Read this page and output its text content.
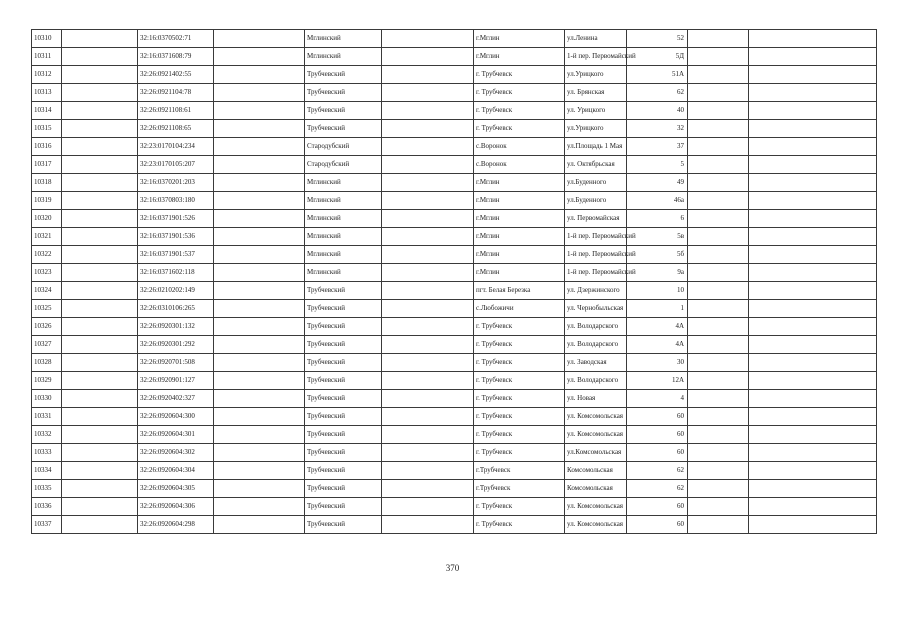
10310		32:16:0370502:71		Мглинский		г.Мглин	ул.Ленина	52		
10311		32:16:0371608:79		Мглинский		г.Мглин	1-й пер. Первомайский	5Д		
10312		32:26:0921402:55		Трубчевский		г. Трубчевск	ул.Урицкого	51А		
10313		32:26:0921104:78		Трубчевский		г. Трубчевск	ул. Брянская	62		
10314		32:26:0921108:61		Трубчевский		г. Трубчевск	ул. Урицкого	40		
10315		32:26:0921108:65		Трубчевский		г. Трубчевск	ул.Урицкого	32		
10316		32:23:0170104:234		Стародубский		с.Воронок	ул.Площадь 1 Мая	37		
10317		32:23:0170105:207		Стародубский		с.Воронок	ул. Октябрьская	5		
10318		32:16:0370201:203		Мглинский		г.Мглин	ул.Буденного	49		
10319		32:16:0370803:180		Мглинский		г.Мглин	ул.Буденного	46а		
10320		32:16:0371901:526		Мглинский		г.Мглин	ул. Первомайская	6		
10321		32:16:0371901:536		Мглинский		г.Мглин	1-й пер. Первомайский	5в		
10322		32:16:0371901:537		Мглинский		г.Мглин	1-й пер. Первомайский	5б		
10323		32:16:0371602:118		Мглинский		г.Мглин	1-й пер. Первомайский	9а		
10324		32:26:0210202:149		Трубчевский		пгт. Белая Березка	ул. Дзержинского	10		
10325		32:26:0310106:265		Трубчевский		с.Любожичи	ул. Чернобыльская	1		
10326		32:26:0920301:132		Трубчевский		г. Трубчевск	ул. Володарского	4А		
10327		32:26:0920301:292		Трубчевский		г. Трубчевск	ул. Володарского	4А		
10328		32:26:0920701:508		Трубчевский		г. Трубчевск	ул. Заводская	30		
10329		32:26:0920901:127		Трубчевский		г. Трубчевск	ул. Володарского	12А		
10330		32:26:0920402:327		Трубчевский		г. Трубчевск	ул. Новая	4		
10331		32:26:0920604:300		Трубчевский		г. Трубчевск	ул. Комсомольская	60		
10332		32:26:0920604:301		Трубчевский		г. Трубчевск	ул. Комсомольская	60		
10333		32:26:0920604:302		Трубчевский		г. Трубчевск	ул.Комсомольская	60		
10334		32:26:0920604:304		Трубчевский		г.Трубчевск	Комсомольская	62		
10335		32:26:0920604:305		Трубчевский		г.Трубчевск	Комсомольская	62		
10336		32:26:0920604:306		Трубчевский		г. Трубчевск	ул. Комсомольская	60		
10337		32:26:0920604:298		Трубчевский		г. Трубчевск	ул. Комсомольская	60		
370
